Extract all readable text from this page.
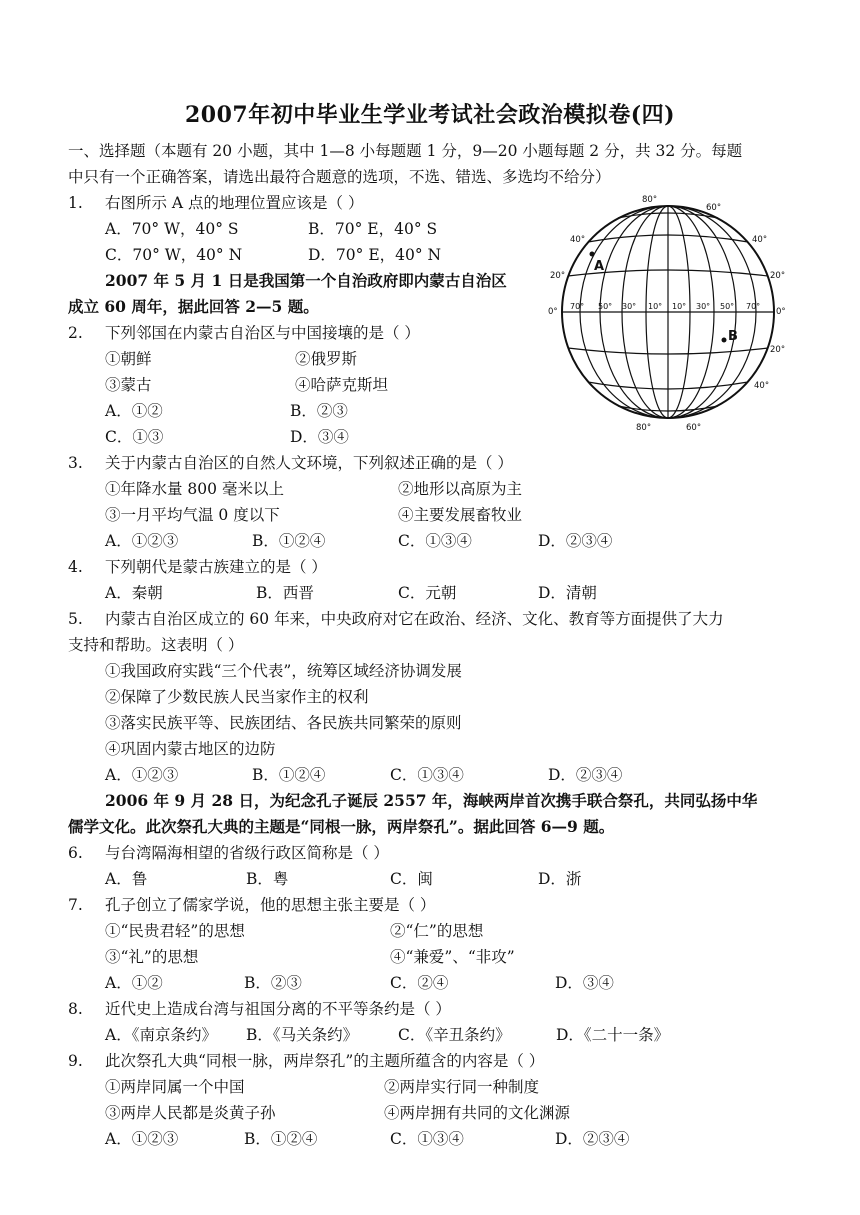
2007年初中毕业生学业考试社会政治模拟卷(四)
一、选择题（本题有 20 小题，其中 1—8 小每题题 1 分，9—20 小题每题 2 分，共 32 分。每题
中只有一个正确答案，请选出最符合题意的选项，不选、错选、多选均不给分）
1. 右图所示 A 点的地理位置应该是（ ）
A．70° W，40° S	B．70° E，40° S
C．70° W，40° N	D．70° E，40° N
2007 年 5 月 1 日是我国第一个自治政府即内蒙古自治区
成立 60 周年，据此回答 2—5 题。
2. 下列邻国在内蒙古自治区与中国接壤的是（ ）
①朝鲜	②俄罗斯
③蒙古	④哈萨克斯坦
A．①②	B．②③
C．①③	D．③④
3. 关于内蒙古自治区的自然人文环境，下列叙述正确的是（ ）
①年降水量 800 毫米以上	②地形以高原为主
③一月平均气温 0 度以下	④主要发展畜牧业
A．①②③	B．①②④	C．①③④	D．②③④
4. 下列朝代是蒙古族建立的是（ ）
A．秦朝	B．西晋	C．元朝	D．清朝
5. 内蒙古自治区成立的 60 年来，中央政府对它在政治、经济、文化、教育等方面提供了大力
支持和帮助。这表明（ ）
①我国政府实践“三个代表”，统筹区域经济协调发展
②保障了少数民族人民当家作主的权利
③落实民族平等、民族团结、各民族共同繁荣的原则
④巩固内蒙古地区的边防
A．①②③	B．①②④	C．①③④	D．②③④
2006 年 9 月 28 日，为纪念孔子诞辰 2557 年，海峡两岸首次携手联合祭孔，共同弘扬中华
儒学文化。此次祭孔大典的主题是“同根一脉，两岸祭孔”。据此回答 6—9 题。
6. 与台湾隔海相望的省级行政区简称是（ ）
A．鲁	B．粤	C．闽	D．浙
7. 孔子创立了儒家学说，他的思想主张主要是（ ）
①“民贵君轻”的思想	②“仁”的思想
③“礼”的思想	④“兼爱”、“非攻”
A．①②	B．②③	C．②④	D．③④
8. 近代史上造成台湾与祖国分离的不平等条约是（ ）
A．《南京条约》 B．《马关条约》	C．《辛丑条约》	D．《二十一条》
9. 此次祭孔大典“同根一脉，两岸祭孔”的主题所蕴含的内容是（ ）
①两岸同属一个中国	②两岸实行同一种制度
③两岸人民都是炎黄子孙	④两岸拥有共同的文化渊源
A．①②③	B．①②④	C．①③④	D．②③④
80°
60°
40°
20°
0°
40°
20°
0°
20°
40°
80°	60°
70° 50° 30° 10° 10° 30° 50° 70°
A
B
